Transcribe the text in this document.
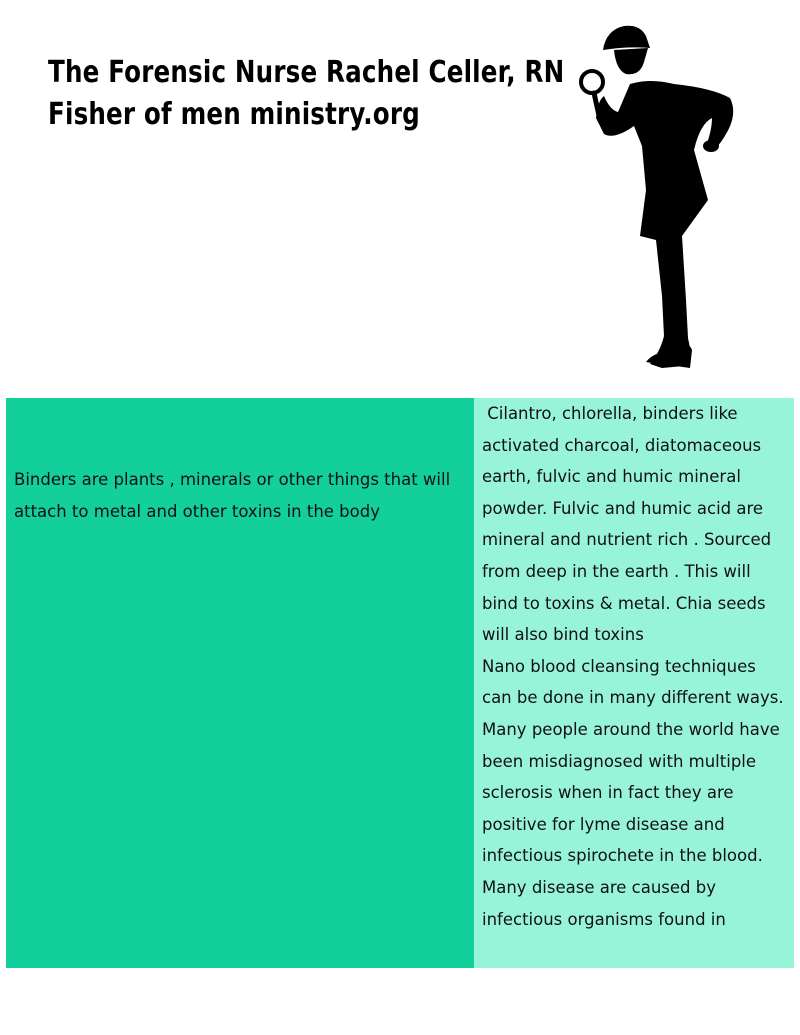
The Forensic Nurse Rachel Celler, RN
Fisher of men ministry.org

Binders are plants , minerals or other things that will attach to metal and other toxins in the body

Cilantro, chlorella, binders like activated charcoal, diatomaceous earth, fulvic and humic mineral powder. Fulvic and humic acid are mineral and nutrient rich . Sourced from deep in the earth . This will bind to toxins & metal. Chia seeds will also bind toxins
Nano blood cleansing techniques can be done in many different ways. Many people around the world have been misdiagnosed with multiple sclerosis when in fact they are positive for lyme disease and infectious spirochete in the blood. Many disease are caused by infectious organisms found in
